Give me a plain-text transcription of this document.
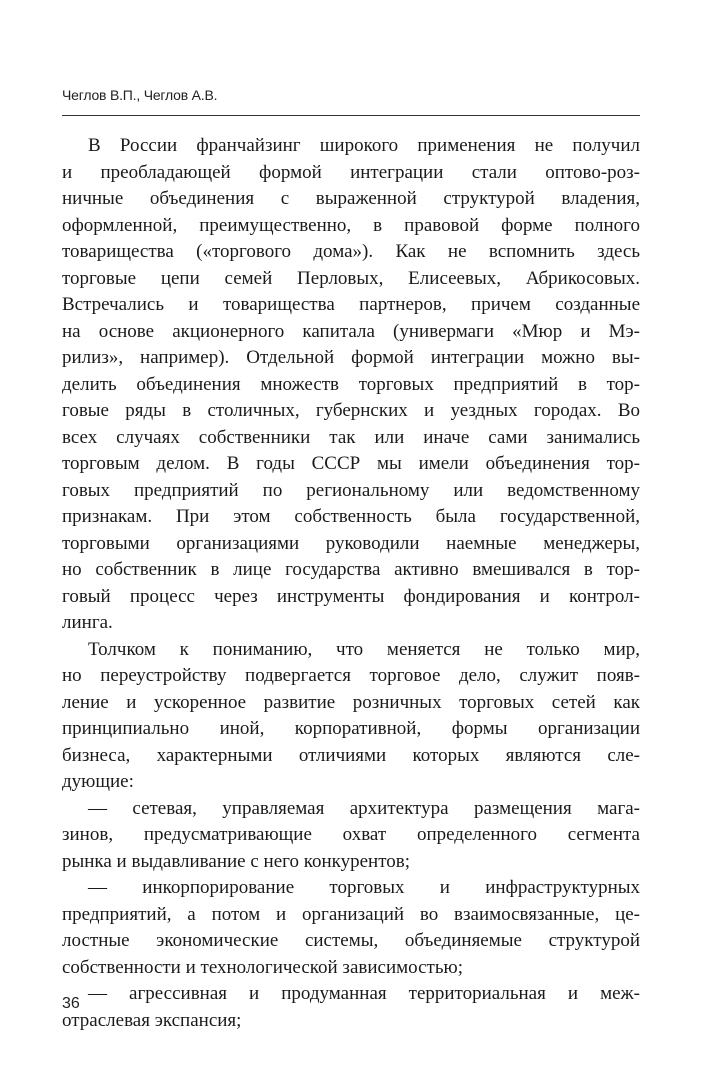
Чеглов В.П., Чеглов А.В.
В России франчайзинг широкого применения не получил
и преобладающей формой интеграции стали оптово-роз-
ничные объединения с выраженной структурой владения,
оформленной, преимущественно, в правовой форме полного
товарищества («торгового дома»). Как не вспомнить здесь
торговые цепи семей Перловых, Елисеевых, Абрикосовых.
Встречались и товарищества партнеров, причем созданные
на основе акционерного капитала (универмаги «Мюр и Мэ-
рилиз», например). Отдельной формой интеграции можно вы-
делить объединения множеств торговых предприятий в тор-
говые ряды в столичных, губернских и уездных городах. Во
всех случаях собственники так или иначе сами занимались
торговым делом. В годы СССР мы имели объединения тор-
говых предприятий по региональному или ведомственному
признакам. При этом собственность была государственной,
торговыми организациями руководили наемные менеджеры,
но собственник в лице государства активно вмешивался в тор-
говый процесс через инструменты фондирования и контрол-
линга.
Толчком к пониманию, что меняется не только мир,
но переустройству подвергается торговое дело, служит появ-
ление и ускоренное развитие розничных торговых сетей как
принципиально иной, корпоративной, формы организации
бизнеса, характерными отличиями которых являются сле-
дующие:
— сетевая, управляемая архитектура размещения мага-
зинов, предусматривающие охват определенного сегмента
рынка и выдавливание с него конкурентов;
— инкорпорирование торговых и инфраструктурных
предприятий, а потом и организаций во взаимосвязанные, це-
лостные экономические системы, объединяемые структурой
собственности и технологической зависимостью;
— агрессивная и продуманная территориальная и меж-
отраслевая экспансия;
36
